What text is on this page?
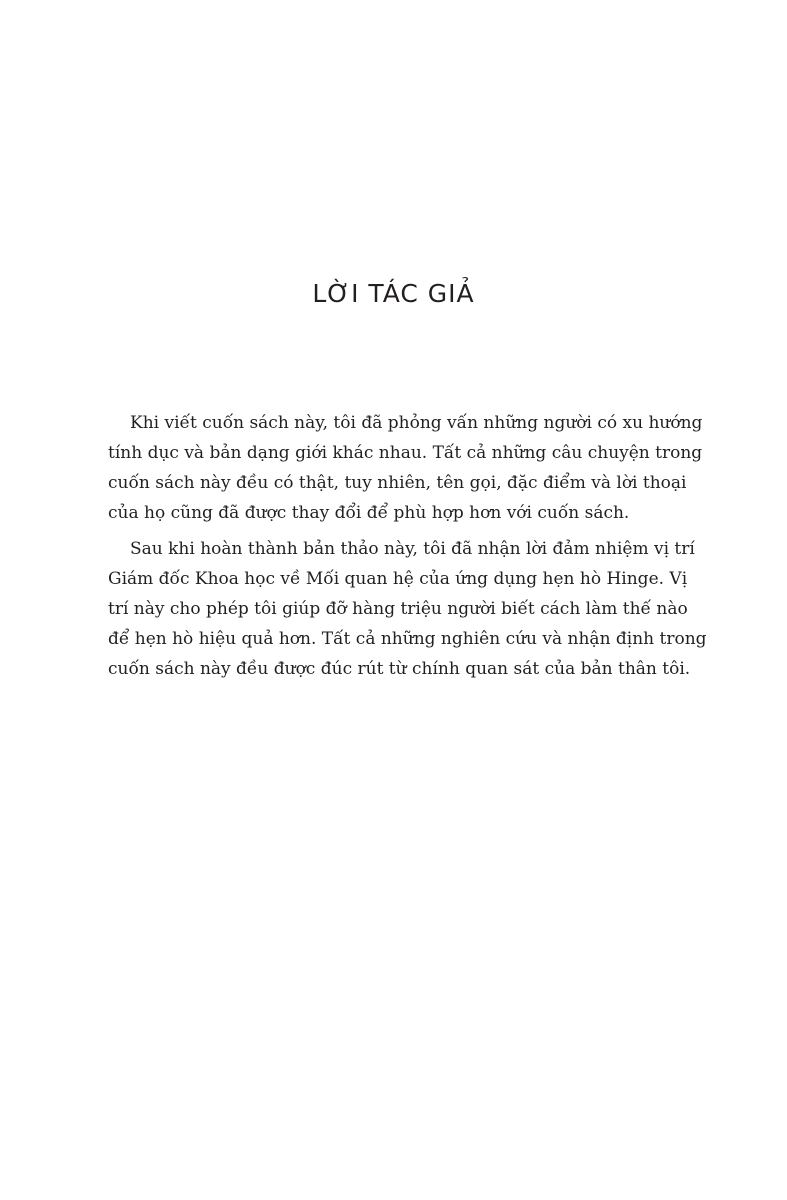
LỜI TÁC GIẢ

Khi viết cuốn sách này, tôi đã phỏng vấn những người có xu hướng
tính dục và bản dạng giới khác nhau. Tất cả những câu chuyện trong
cuốn sách này đều có thật, tuy nhiên, tên gọi, đặc điểm và lời thoại
của họ cũng đã được thay đổi để phù hợp hơn với cuốn sách.

Sau khi hoàn thành bản thảo này, tôi đã nhận lời đảm nhiệm vị trí
Giám đốc Khoa học về Mối quan hệ của ứng dụng hẹn hò Hinge. Vị
trí này cho phép tôi giúp đỡ hàng triệu người biết cách làm thế nào
để hẹn hò hiệu quả hơn. Tất cả những nghiên cứu và nhận định trong
cuốn sách này đều được đúc rút từ chính quan sát của bản thân tôi.
